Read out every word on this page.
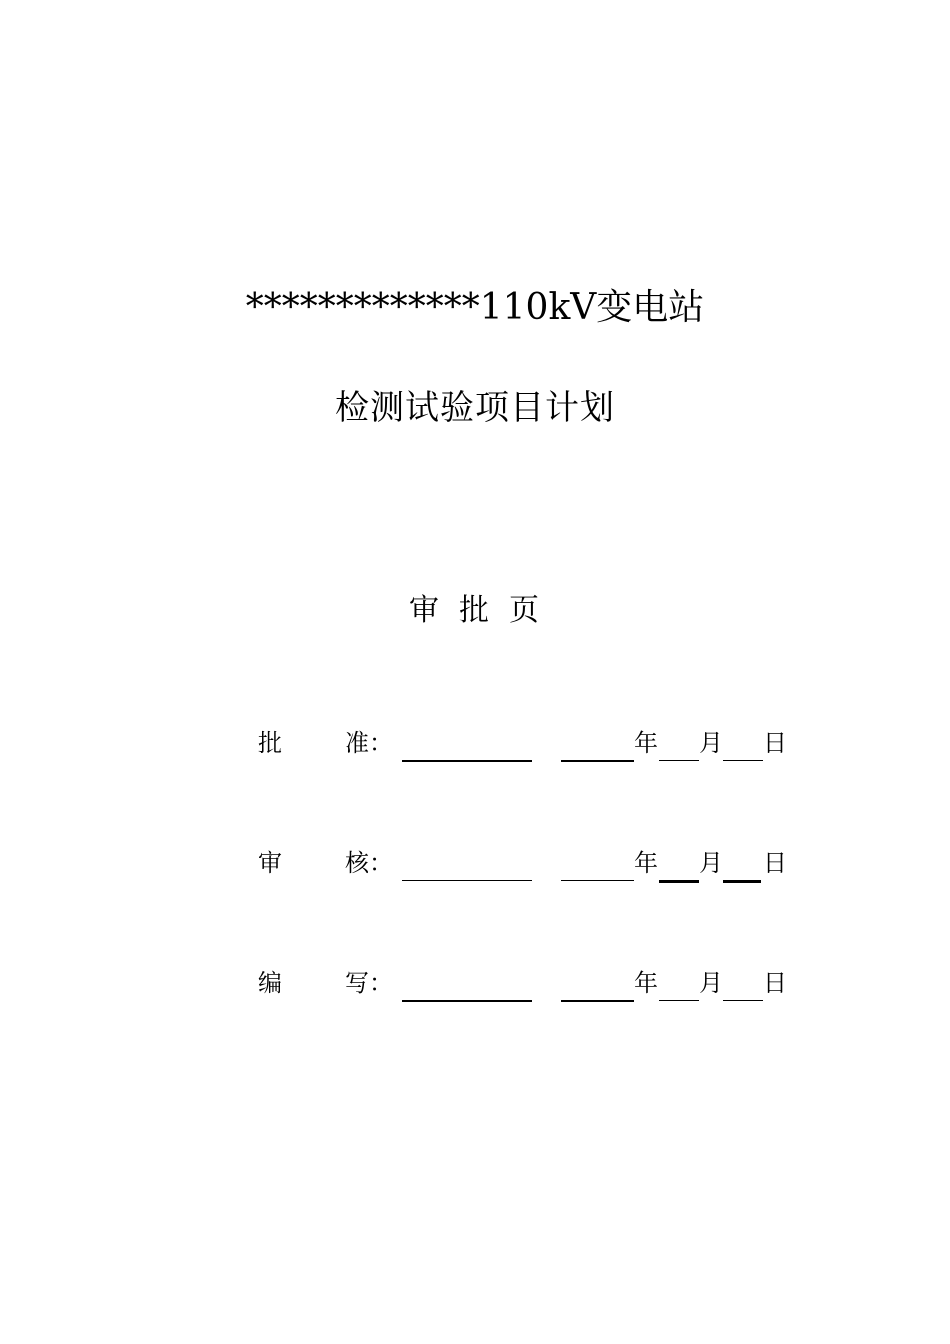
*************110kV变电站
检测试验项目计划
审批页
批	准：	年 月 日
审	核：	年 月 日
编	写：	年 月 日
